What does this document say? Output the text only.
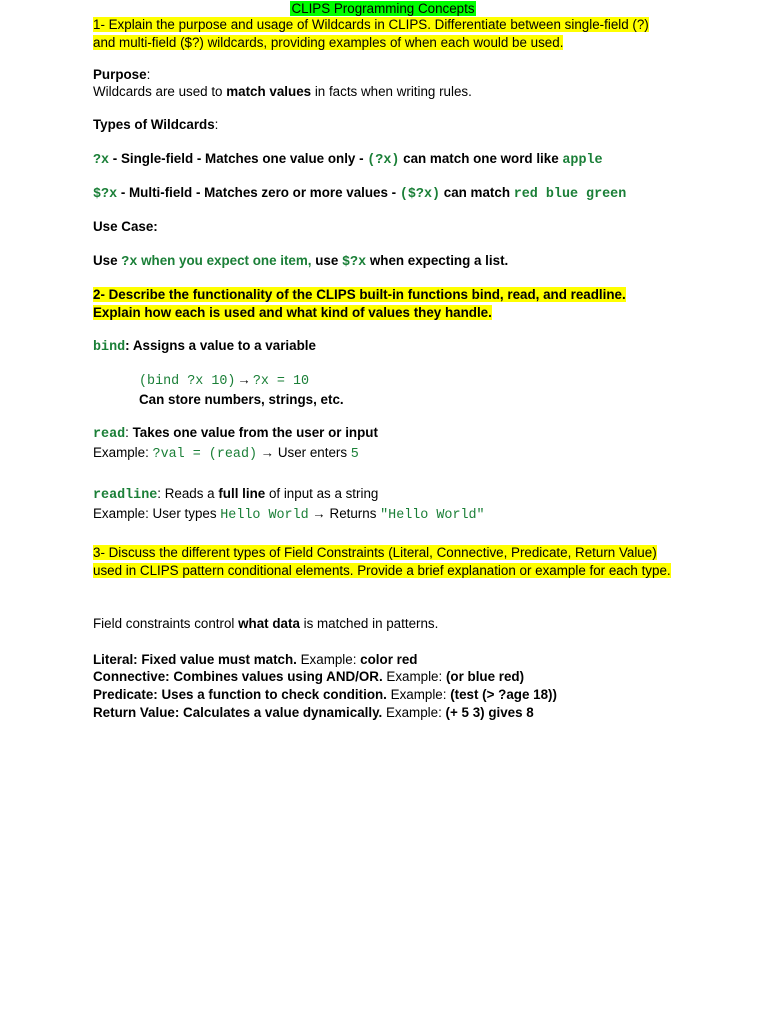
CLIPS Programming Concepts
1- Explain the purpose and usage of Wildcards in CLIPS. Differentiate between single-field (?) and multi-field ($?) wildcards, providing examples of when each would be used.
Purpose:
Wildcards are used to match values in facts when writing rules.
Types of Wildcards:
?x - Single-field - Matches one value only - (?x) can match one word like apple
$?x - Multi-field - Matches zero or more values - ($?x) can match red blue green
Use Case:
Use ?x when you expect one item, use $?x when expecting a list.
2- Describe the functionality of the CLIPS built-in functions bind, read, and readline. Explain how each is used and what kind of values they handle.
bind: Assigns a value to a variable
(bind ?x 10) → ?x = 10
Can store numbers, strings, etc.
read: Takes one value from the user or input
Example: ?val = (read) → User enters 5
readline: Reads a full line of input as a string
Example: User types Hello World → Returns "Hello World"
3- Discuss the different types of Field Constraints (Literal, Connective, Predicate, Return Value) used in CLIPS pattern conditional elements. Provide a brief explanation or example for each type.
Field constraints control what data is matched in patterns.
Literal: Fixed value must match. Example: color red
Connective: Combines values using AND/OR. Example: (or blue red)
Predicate: Uses a function to check condition. Example: (test (> ?age 18))
Return Value: Calculates a value dynamically. Example: (+ 5 3) gives 8
